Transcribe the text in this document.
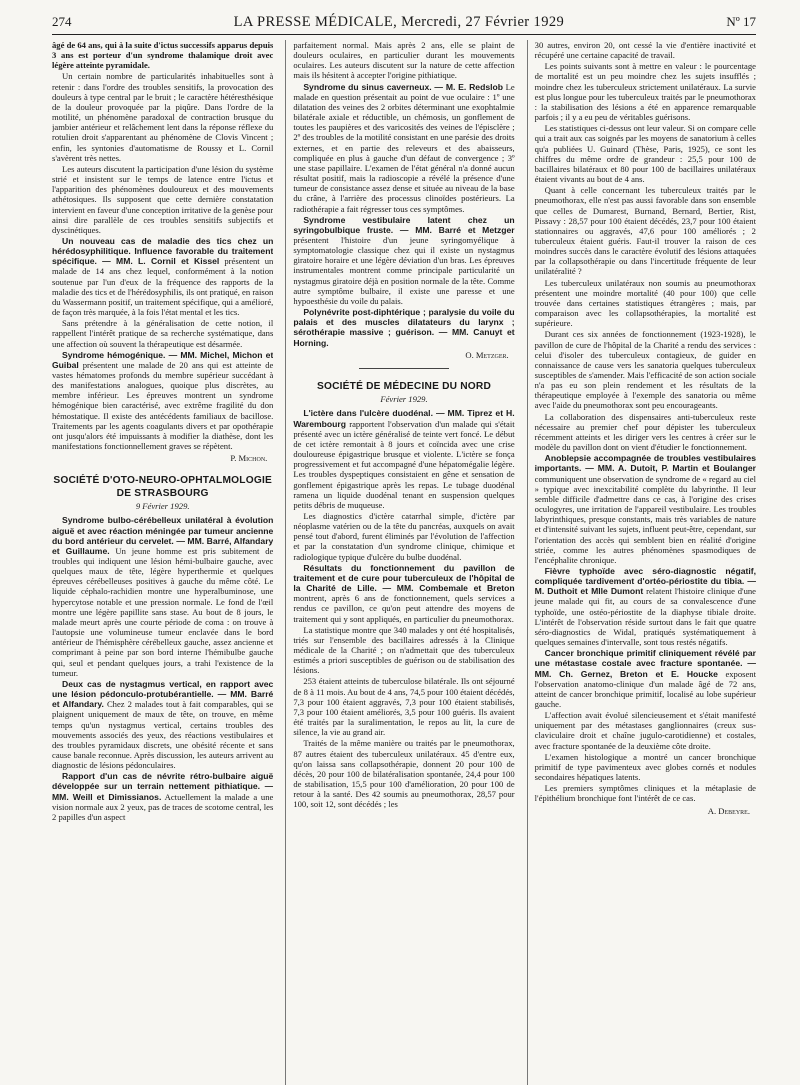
274	LA PRESSE MÉDICALE, Mercredi, 27 Février 1929	Nº 17

âgé de 64 ans, qui à la suite d'ictus successifs apparus depuis 3 ans est porteur d'un syndrome thalamique droit avec légère atteinte pyramidale.

Un certain nombre de particularités inhabituelles sont à retenir : dans l'ordre des troubles sensitifs, la provocation des douleurs à type central par le bruit ; le caractère hétéresthésique de la douleur provoquée par la piqûre. Dans l'ordre de la motilité, un phénomène paradoxal de contraction brusque du jambier antérieur et relâchement lent dans la réponse réflexe du rotulien droit s'apparentant au phénomène de Clovis Vincent ; enfin, les syntonies d'automatisme de Roussy et L. Cornil s'avèrent très nettes.

Les auteurs discutent la participation d'une lésion du système strié et insistent sur le temps de latence entre l'ictus et l'apparition des phénomènes douloureux et des mouvements athétosiques. Ils supposent que cette dernière constatation intervient en faveur d'une conception irritative de la genèse pour ainsi dire parallèle de ces troubles sensitifs subjectifs et dyscinétiques.

Un nouveau cas de maladie des tics chez un hérédosyphilitique. Influence favorable du traitement spécifique. — MM. L. Cornil et Kissel présentent un malade de 14 ans chez lequel, conformément à la notion soutenue par l'un d'eux de la fréquence des rapports de la maladie des tics et de l'hérédosyphilis, ils ont pratiqué, en raison du Wassermann positif, un traitement spécifique, qui a amélioré, de façon très marquée, à la fois l'état mental et les tics.

Sans prétendre à la généralisation de cette notion, il rappellent l'intérêt pratique de sa recherche systématique, dans une affection où souvent la thérapeutique est désarmée.

Syndrome hémogénique. — MM. Michel, Michon et Guibal présentent une malade de 20 ans qui est atteinte de vastes hématomes profonds du membre supérieur succédant à des manifestations analogues, quoique plus discrètes, au membre inférieur. Les épreuves montrent un syndrome hémogénique bien caractérisé, avec extrême fragilité du don hémostatique. Il existe des antécédents familiaux de bacillose. Traitements par les agents coagulants divers et par opothérapie ont jusqu'alors été impuissants à modifier la diathèse, dont les manifestations fonctionnellement graves se répètent.

P. Michon.

SOCIÉTÉ D'OTO-NEURO-OPHTALMOLOGIE DE STRASBOURG
9 Février 1929.

Syndrome bulbo-cérébelleux unilatéral à évolution aiguë et avec réaction méningée par tumeur ancienne du bord antérieur du cervelet. — MM. Barré, Alfandary et Guillaume. Un jeune homme est pris subitement de troubles qui indiquent une lésion hémi-bulbaire gauche, avec quelques maux de tête, légère hyperthermie et quelques épreuves cérébelleuses positives à gauche du même côté. Le liquide céphalo-rachidien montre une hyperalbuminose, une hypercytose notable et une pression normale. Le fond de l'œil montre une légère papillite sans stase. Au bout de 8 jours, le malade meurt après une courte période de coma : on trouve à l'autopsie une volumineuse tumeur enclavée dans le bord antérieur de l'hémisphère cérébelleux gauche, assez ancienne et comprimant à peine par son bord interne l'hémibulbe gauche qui, seul et pendant quelques jours, a trahi l'existence de la tumeur.

Deux cas de nystagmus vertical, en rapport avec une lésion pédonculo-protubérantielle. — MM. Barré et Alfandary. Chez 2 malades tout à fait comparables, qui se plaignent uniquement de maux de tête, on trouve, en même temps qu'un nystagmus vertical, certains troubles des mouvements associés des yeux, des réactions vestibulaires et des troubles pyramidaux discrets, une obésité récente et sans cause banale reconnue. Après discussion, les auteurs arrivent au diagnostic de lésions pédonculaires.

Rapport d'un cas de névrite rétro-bulbaire aiguë développée sur un terrain nettement pithiatique. — MM. Weill et Dimissianos. Actuellement la malade a une vision normale aux 2 yeux, pas de traces de scotome central, les 2 papilles d'un aspect

parfaitement normal. Mais après 2 ans, elle se plaint de douleurs oculaires, en particulier durant les mouvements oculaires. Les auteurs discutent sur la nature de cette affection mais ils hésitent à accepter l'origine pithiatique.

Syndrome du sinus caverneux. — M. E. Redslob Le malade en question présentait au point de vue oculaire : 1º une dilatation des veines des 2 orbites déterminant une exophtalmie bilatérale axiale et réductible, un chémosis, un gonflement de toutes les paupières et des varicosités des veines de l'épisclère ; 2º des troubles de la motilité consistant en une parésie des droits externes, et en partie des releveurs et des abaisseurs, compliquée en plus à gauche d'un défaut de convergence ; 3º une stase papillaire. L'examen de l'état général n'a donné aucun résultat positif, mais la radioscopie a révélé la présence d'une tumeur de consistance assez dense et située au niveau de la base du crâne, à l'arrière des processus clinoïdes postérieurs. La radiothérapie a fait régresser tous ces symptômes.

Syndrome vestibulaire latent chez un syringobulbique fruste. — MM. Barré et Metzger présentent l'histoire d'un jeune syringomyélique à symptomatologie classique chez qui il existe un nystagmus giratoire horaire et une légère déviation d'un bras. Les épreuves instrumentales montrent comme principale particularité un nystagmus giratoire déjà en position normale de la tête. Comme autre symptôme bulbaire, il existe une paresse et une hypoesthésie du voile du palais.

Polynévrite post-diphtérique ; paralysie du voile du palais et des muscles dilatateurs du larynx ; sérothérapie massive ; guérison. — MM. Canuyt et Horning.

O. Metzger.

SOCIÉTÉ DE MÉDECINE DU NORD
Février 1929.

L'ictère dans l'ulcère duodénal. — MM. Tiprez et H. Warembourg rapportent l'observation d'un malade qui s'était présenté avec un ictère généralisé de teinte vert foncé. Le début de cet ictère remontait à 8 jours et coïncida avec une crise douloureuse épigastrique brusque et violente. L'ictère se fonça progressivement et fut accompagné d'une hépatomégalie légère. Les troubles dyspeptiques consistaient en gêne et sensation de gonflement épigastrique après les repas. Le tubage duodénal ramena un liquide duodénal tenant en suspension quelques petits débris de muqueuse.

Les diagnostics d'ictère catarrhal simple, d'ictère par néoplasme vatérien ou de la tête du pancréas, auxquels on avait pensé tout d'abord, furent éliminés par l'évolution de l'affection et par la constatation d'un syndrome clinique, chimique et radiologique typique d'ulcère du bulbe duodénal.

Résultats du fonctionnement du pavillon de traitement et de cure pour tuberculeux de l'hôpital de la Charité de Lille. — MM. Combemale et Breton montrent, après 6 ans de fonctionnement, quels services a rendus ce pavillon, ce qu'on peut attendre des moyens de traitement qui y sont appliqués, en particulier du pneumothorax.

La statistique montre que 340 malades y ont été hospitalisés, triés sur l'ensemble des bacillaires adressés à la Clinique médicale de la Charité ; on n'admettait que des tuberculeux estimés a priori susceptibles de guérison ou de stabilisation des lésions.

253 étaient atteints de tuberculose bilatérale. Ils ont séjourné de 8 à 11 mois. Au bout de 4 ans, 74,5 pour 100 étaient décédés, 7,3 pour 100 étaient aggravés, 7,3 pour 100 étaient stabilisés, 7,3 pour 100 étaient améliorés, 3,5 pour 100 guéris. Ils avaient été traités par la suralimentation, le repos au lit, la cure de silence, la vie au grand air.

Traités de la même manière ou traités par le pneumothorax, 87 autres étaient des tuberculeux unilatéraux. 45 d'entre eux, qu'on laissa sans collapsothérapie, donnent 20 pour 100 de décès, 20 pour 100 de bilatéralisation spontanée, 24,4 pour 100 de stabilisation, 15,5 pour 100 d'amélioration, 20 pour 100 de retour à la santé. Des 42 soumis au pneumothorax, 28,57 pour 100, soit 12, sont décédés ; les

30 autres, environ 20, ont cessé la vie d'entière inactivité et récupéré une certaine capacité de travail.

Les points suivants sont à mettre en valeur : le pourcentage de mortalité est un peu moindre chez les sujets insufflés ; moindre chez les tuberculeux strictement unilatéraux. La survie est plus longue pour les tuberculeux traités par le pneumothorax : la stabilisation des lésions a été en apparence remarquable parfois ; il y a eu peu de véritables guérisons.

Les statistiques ci-dessus ont leur valeur. Si on compare celle qui a trait aux cas soignés par les moyens de sanatorium à celles qu'a publiées U. Guinard (Thèse, Paris, 1925), ce sont les chiffres du même ordre de grandeur : 25,5 pour 100 de bacillaires bilatéraux et 80 pour 100 de bacillaires unilatéraux étaient vivants au bout de 4 ans.

Quant à celle concernant les tuberculeux traités par le pneumothorax, elle n'est pas aussi favorable dans son ensemble que celles de Dumarest, Burnand, Bernard, Bertier, Rist, Pissavy : 28,57 pour 100 étaient décédés, 23,7 pour 100 étaient stationnaires ou aggravés, 47,6 pour 100 améliorés ; 2 tuberculeux étaient guéris. Faut-il trouver la raison de ces moindres succès dans le caractère évolutif des lésions attaquées par la collapsothérapie ou dans l'incertitude fréquente de leur unilatéralité ?

Les tuberculeux unilatéraux non soumis au pneumothorax présentent une moindre mortalité (40 pour 100) que celle trouvée dans certaines statistiques étrangères ; mais, par comparaison avec les collapsothérapies, la mortalité est supérieure.

Durant ces six années de fonctionnement (1923-1928), le pavillon de cure de l'hôpital de la Charité a rendu des services : celui d'isoler des tuberculeux contagieux, de guider en connaissance de cause vers les sanatoria quelques tuberculeux susceptibles de s'amender. Mais l'efficacité de son action sociale n'a pas eu son plein rendement et les résultats de la thérapeutique employée à l'exemple des sanatoria ou même avec l'aide du pneumothorax sont peu encourageants.

La collaboration des dispensaires anti-tuberculeux reste nécessaire au premier chef pour dépister les tuberculeux récemment atteints et les diriger vers les centres à créer sur le modèle du pavillon dont on vient d'étudier le fonctionnement.

Anoblepsie accompagnée de troubles vestibulaires importants. — MM. A. Dutoit, P. Martin et Boulanger communiquent une observation de syndrome de « regard au ciel » typique avec inexcitabilité complète du labyrinthe. Il leur semble difficile d'admettre dans ce cas, à l'origine des crises oculogyres, une irritation de l'appareil vestibulaire. Les troubles labyrinthiques, presque constants, mais très variables de nature et d'intensité suivant les sujets, influent peut-être, cependant, sur l'orientation des accès qui semblent bien en réalité d'origine striée, comme les autres phénomènes spasmodiques de l'encéphalite chronique.

Fièvre typhoïde avec séro-diagnostic négatif, compliquée tardivement d'ortéo-périostite du tibia. — M. Duthoit et Mlle Dumont relatent l'histoire clinique d'une jeune malade qui fit, au cours de sa convalescence d'une typhoïde, une ostéo-périostite de la diaphyse tibiale droite. L'intérêt de l'observation réside surtout dans le fait que quatre séro-diagnostics de Widal, pratiqués systématiquement à quelques semaines d'intervalle, sont tous restés négatifs.

Cancer bronchique primitif cliniquement révélé par une métastase costale avec fracture spontanée. — MM. Ch. Gernez, Breton et E. Houcke exposent l'observation anatomo-clinique d'un malade âgé de 72 ans, atteint de cancer bronchique primitif, localisé au lobe supérieur gauche.

L'affection avait évolué silencieusement et s'était manifesté uniquement par des métastases ganglionnaires (creux sus-claviculaire droit et chaîne jugulo-carotidienne) et costales, avec fracture spontanée de la deuxième côte droite.

L'examen histologique a montré un cancer bronchique primitif de type pavimenteux avec globes cornés et nodules secondaires hépatiques latents.

Les premiers symptômes cliniques et la métaplasie de l'épithélium bronchique font l'intérêt de ce cas.

A. Debeyre.
